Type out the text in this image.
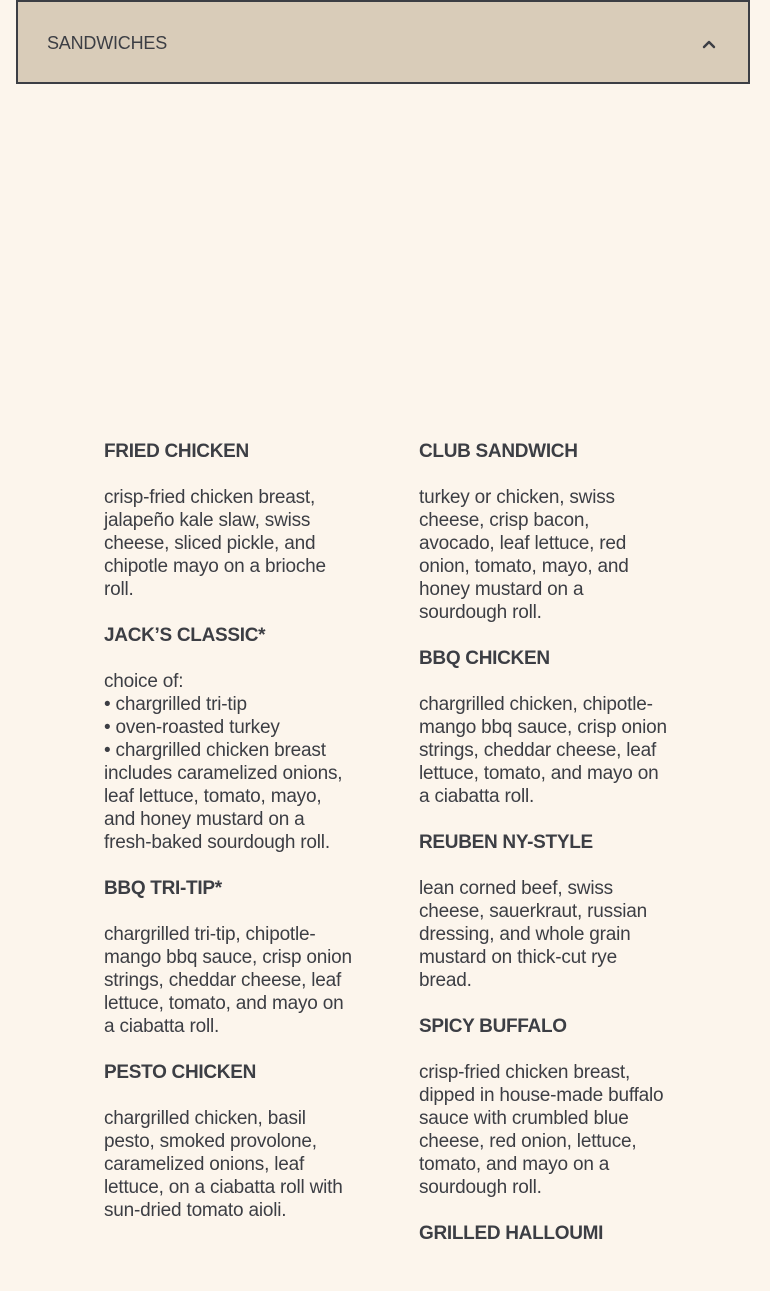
SANDWICHES
FRIED CHICKEN
crisp-fried chicken breast, jalapeño kale slaw, swiss cheese, sliced pickle, and chipotle mayo on a brioche roll.
JACK’S CLASSIC*
choice of:
• chargrilled tri-tip
• oven-roasted turkey
• chargrilled chicken breast includes caramelized onions, leaf lettuce, tomato, mayo, and honey mustard on a fresh-baked sourdough roll.
BBQ TRI-TIP*
chargrilled tri-tip, chipotle-mango bbq sauce, crisp onion strings, cheddar cheese, leaf lettuce, tomato, and mayo on a ciabatta roll.
PESTO CHICKEN
chargrilled chicken, basil pesto, smoked provolone, caramelized onions, leaf lettuce, on a ciabatta roll with sun-dried tomato aioli.
CLUB SANDWICH
turkey or chicken, swiss cheese, crisp bacon, avocado, leaf lettuce, red onion, tomato, mayo, and honey mustard on a sourdough roll.
BBQ CHICKEN
chargrilled chicken, chipotle-mango bbq sauce, crisp onion strings, cheddar cheese, leaf lettuce, tomato, and mayo on a ciabatta roll.
REUBEN NY-STYLE
lean corned beef, swiss cheese, sauerkraut, russian dressing, and whole grain mustard on thick-cut rye bread.
SPICY BUFFALO
crisp-fried chicken breast, dipped in house-made buffalo sauce with crumbled blue cheese, red onion, lettuce, tomato, and mayo on a sourdough roll.
GRILLED HALLOUMI
